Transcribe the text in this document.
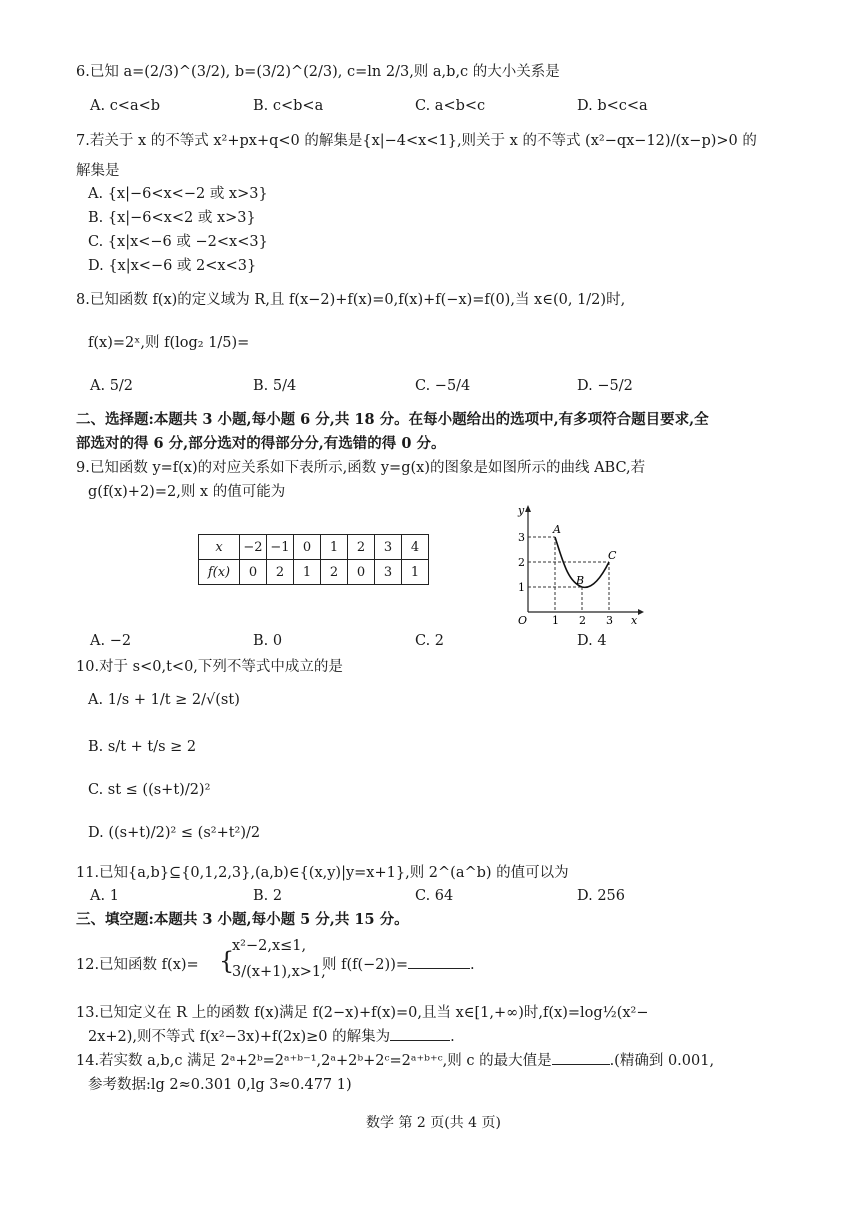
6.已知 a=(2/3)^(3/2), b=(3/2)^(2/3), c=ln 2/3,则 a,b,c 的大小关系是
A. c<a<b	B. c<b<a	C. a<b<c	D. b<c<a
7.若关于 x 的不等式 x²+px+q<0 的解集是{x|−4<x<1},则关于 x 的不等式 (x²−qx−12)/(x−p)>0 的
解集是
A. {x|−6<x<−2 或 x>3}
B. {x|−6<x<2 或 x>3}
C. {x|x<−6 或 −2<x<3}
D. {x|x<−6 或 2<x<3}
8.已知函数 f(x)的定义域为 R,且 f(x−2)+f(x)=0,f(x)+f(−x)=f(0),当 x∈(0, 1/2)时,
f(x)=2ˣ,则 f(log₂ 1/5)=
A. 5/2	B. 5/4	C. −5/4	D. −5/2
二、选择题:本题共 3 小题,每小题 6 分,共 18 分。在每小题给出的选项中,有多项符合题目要求,全
部选对的得 6 分,部分选对的得部分分,有选错的得 0 分。
9.已知函数 y=f(x)的对应关系如下表所示,函数 y=g(x)的图象是如图所示的曲线 ABC,若
g(f(x)+2)=2,则 x 的值可能为
x	−2	−1	0	1	2	3	4
f(x)	0	2	1	2	0	3	1
y
x
O
A
B
C
1 2 3
1
2
3
A. −2	B. 0	C. 2	D. 4
10.对于 s<0,t<0,下列不等式中成立的是
A. 1/s + 1/t ≥ 2/√(st)
B. s/t + t/s ≥ 2
C. st ≤ ((s+t)/2)²
D. ((s+t)/2)² ≤ (s²+t²)/2
11.已知{a,b}⊆{0,1,2,3},(a,b)∈{(x,y)|y=x+1},则 2^(a^b) 的值可以为
A. 1	B. 2	C. 64	D. 256
三、填空题:本题共 3 小题,每小题 5 分,共 15 分。
12.已知函数 f(x)= {
x²−2,x≤1,
3/(x+1),x>1,
则 f(f(−2))=	.
13.已知定义在 R 上的函数 f(x)满足 f(2−x)+f(x)=0,且当 x∈[1,+∞)时,f(x)=log½(x²−
2x+2),则不等式 f(x²−3x)+f(2x)≥0 的解集为	.
14.若实数 a,b,c 满足 2ᵃ+2ᵇ=2ᵃ⁺ᵇ⁻¹,2ᵃ+2ᵇ+2ᶜ=2ᵃ⁺ᵇ⁺ᶜ,则 c 的最大值是	.(精确到 0.001,
参考数据:lg 2≈0.301 0,lg 3≈0.477 1)
数学 第 2 页(共 4 页)
